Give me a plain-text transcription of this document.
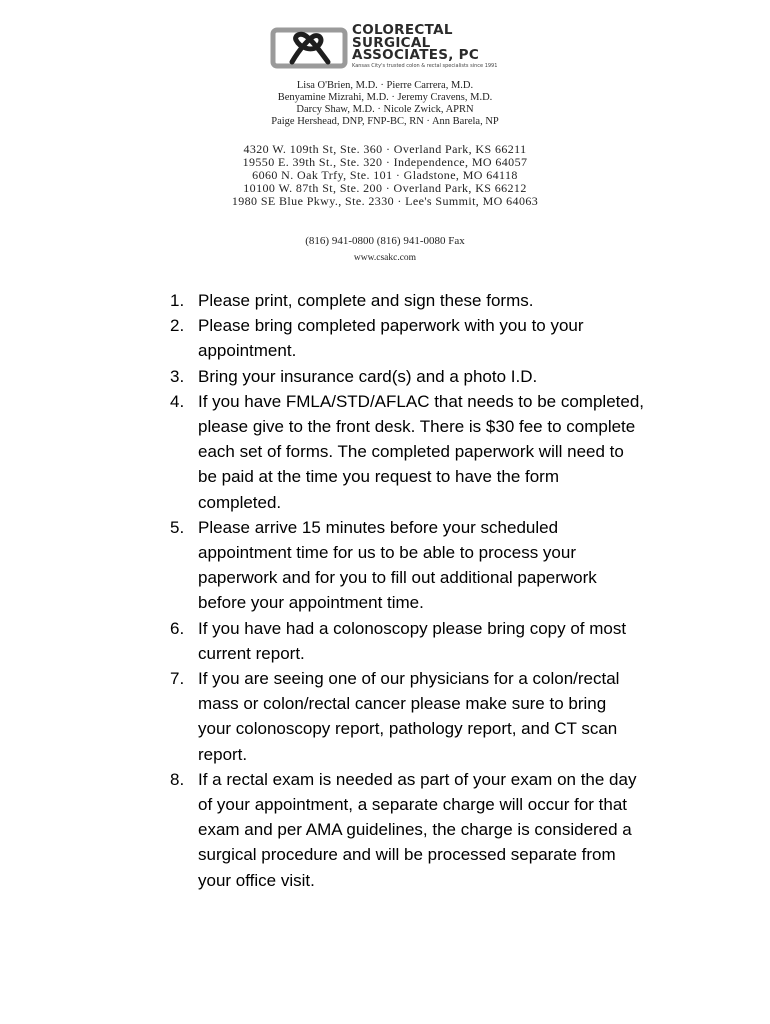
COLORECTAL
SURGICAL
ASSOCIATES, PC
Kansas City's trusted colon & rectal specialists since 1991
Lisa O'Brien, M.D. · Pierre Carrera, M.D.
Benyamine Mizrahi, M.D. · Jeremy Cravens, M.D.
Darcy Shaw, M.D. · Nicole Zwick, APRN
Paige Hershead, DNP, FNP-BC, RN · Ann Barela, NP
4320 W. 109th St, Ste. 360 · Overland Park, KS 66211
19550 E. 39th St., Ste. 320 · Independence, MO 64057
6060 N. Oak Trfy, Ste. 101 · Gladstone, MO 64118
10100 W. 87th St, Ste. 200 · Overland Park, KS 66212
1980 SE Blue Pkwy., Ste. 2330 · Lee's Summit, MO 64063
(816) 941-0800 (816) 941-0080 Fax
www.csakc.com
1. Please print, complete and sign these forms.
2. Please bring completed paperwork with you to your
appointment.
3. Bring your insurance card(s) and a photo I.D.
4. If you have FMLA/STD/AFLAC that needs to be completed,
please give to the front desk. There is $30 fee to complete
each set of forms. The completed paperwork will need to
be paid at the time you request to have the form
completed.
5. Please arrive 15 minutes before your scheduled
appointment time for us to be able to process your
paperwork and for you to fill out additional paperwork
before your appointment time.
6. If you have had a colonoscopy please bring copy of most
current report.
7. If you are seeing one of our physicians for a colon/rectal
mass or colon/rectal cancer please make sure to bring
your colonoscopy report, pathology report, and CT scan
report.
8. If a rectal exam is needed as part of your exam on the day
of your appointment, a separate charge will occur for that
exam and per AMA guidelines, the charge is considered a
surgical procedure and will be processed separate from
your office visit.
